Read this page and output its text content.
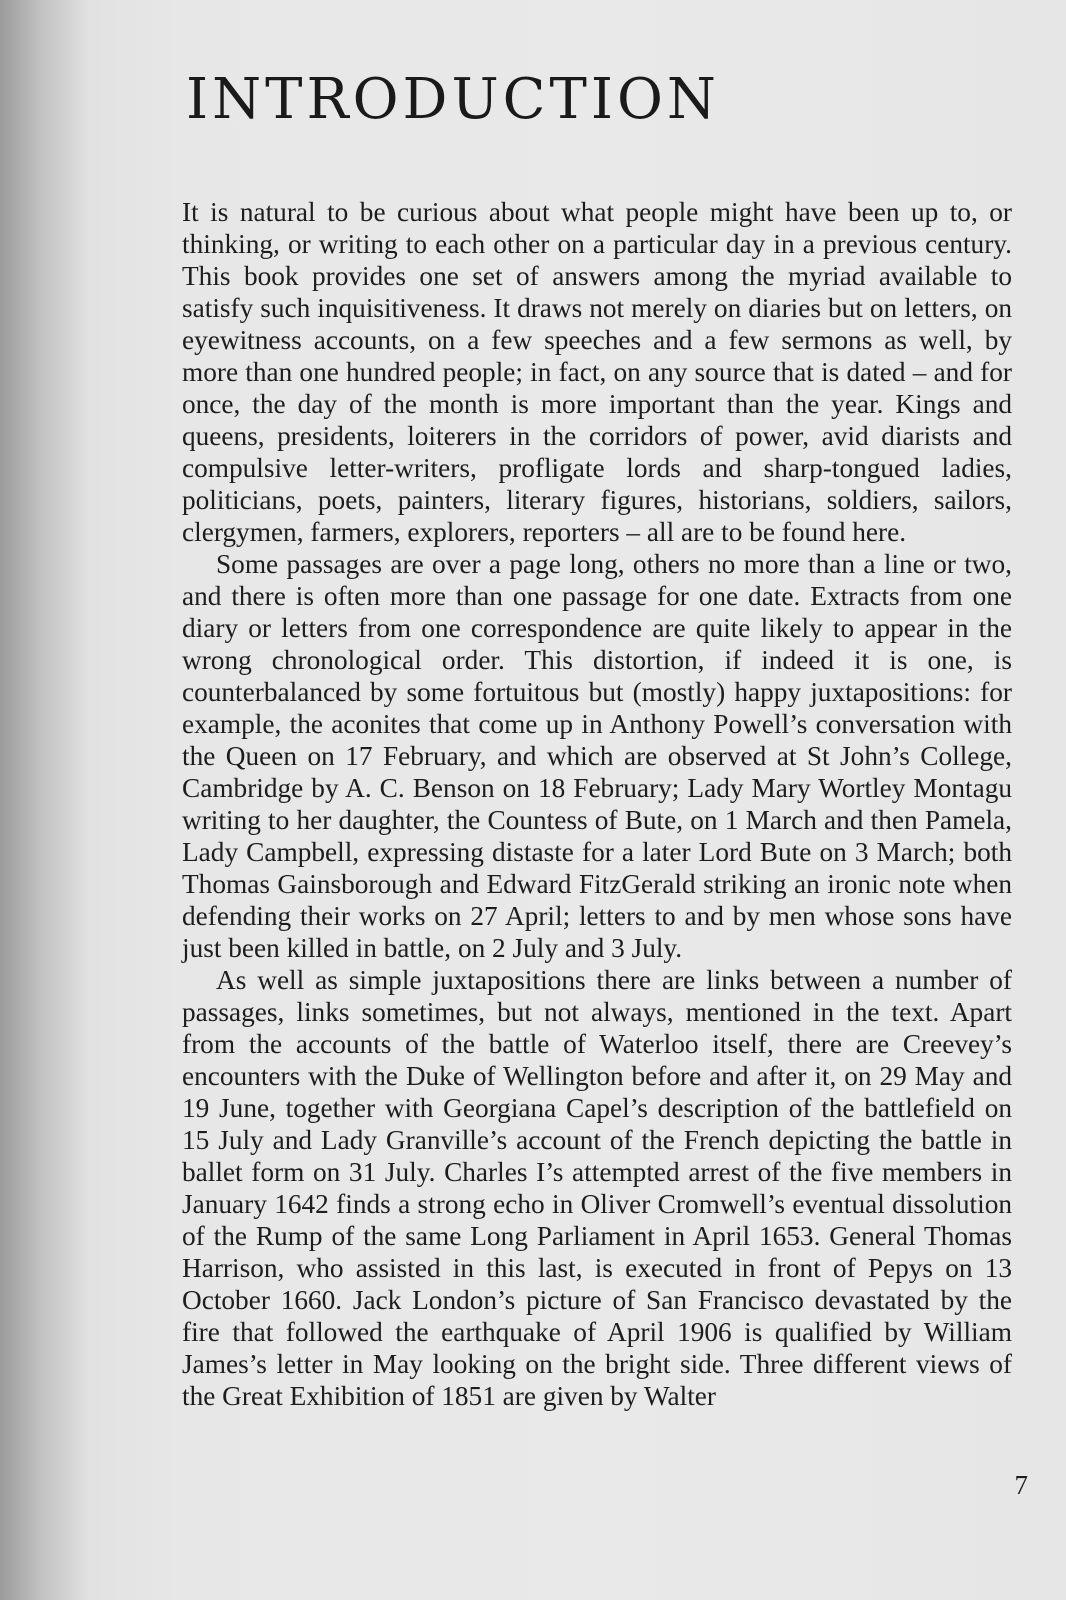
INTRODUCTION

It is natural to be curious about what people might have been up to, or thinking, or writing to each other on a particular day in a previous century. This book provides one set of answers among the myriad available to satisfy such inquisitiveness. It draws not merely on diaries but on letters, on eyewitness accounts, on a few speeches and a few sermons as well, by more than one hundred people; in fact, on any source that is dated – and for once, the day of the month is more important than the year. Kings and queens, presidents, loiterers in the corridors of power, avid diarists and compulsive letter-writers, profligate lords and sharp-tongued ladies, politicians, poets, painters, literary figures, historians, soldiers, sailors, clergymen, farmers, explorers, reporters – all are to be found here.

Some passages are over a page long, others no more than a line or two, and there is often more than one passage for one date. Extracts from one diary or letters from one correspondence are quite likely to appear in the wrong chronological order. This distortion, if indeed it is one, is counterbalanced by some fortuitous but (mostly) happy juxtapositions: for example, the aconites that come up in Anthony Powell’s conversation with the Queen on 17 February, and which are observed at St John’s College, Cambridge by A. C. Benson on 18 February; Lady Mary Wortley Montagu writing to her daughter, the Countess of Bute, on 1 March and then Pamela, Lady Campbell, expressing distaste for a later Lord Bute on 3 March; both Thomas Gainsborough and Edward FitzGerald striking an ironic note when defending their works on 27 April; letters to and by men whose sons have just been killed in battle, on 2 July and 3 July.

As well as simple juxtapositions there are links between a number of passages, links sometimes, but not always, mentioned in the text. Apart from the accounts of the battle of Waterloo itself, there are Creevey’s encounters with the Duke of Wellington before and after it, on 29 May and 19 June, together with Georgiana Capel’s description of the battlefield on 15 July and Lady Granville’s account of the French depicting the battle in ballet form on 31 July. Charles I’s attempted arrest of the five members in January 1642 finds a strong echo in Oliver Cromwell’s eventual dissolution of the Rump of the same Long Parliament in April 1653. General Thomas Harrison, who assisted in this last, is executed in front of Pepys on 13 October 1660. Jack London’s picture of San Francisco devastated by the fire that followed the earthquake of April 1906 is qualified by William James’s letter in May looking on the bright side. Three different views of the Great Exhibition of 1851 are given by Walter

7
